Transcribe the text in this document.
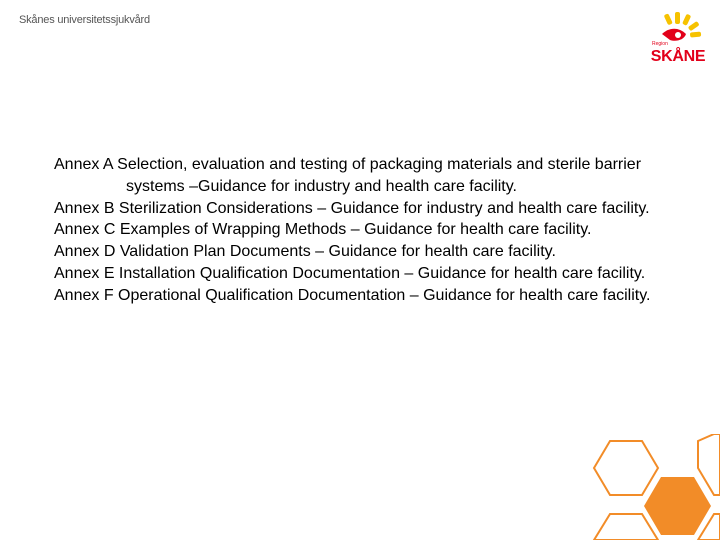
Skånes universitetssjukvård
Region
SKÅNE
Annex A Selection, evaluation and testing of packaging materials and sterile barrier systems –Guidance for industry and health care facility.
Annex B Sterilization Considerations – Guidance for industry and health care facility.
Annex C Examples of Wrapping Methods – Guidance for health care facility.
Annex D Validation Plan Documents – Guidance for health care facility.
Annex E Installation Qualification Documentation – Guidance for health care facility.
Annex F Operational Qualification Documentation – Guidance for health care facility.
